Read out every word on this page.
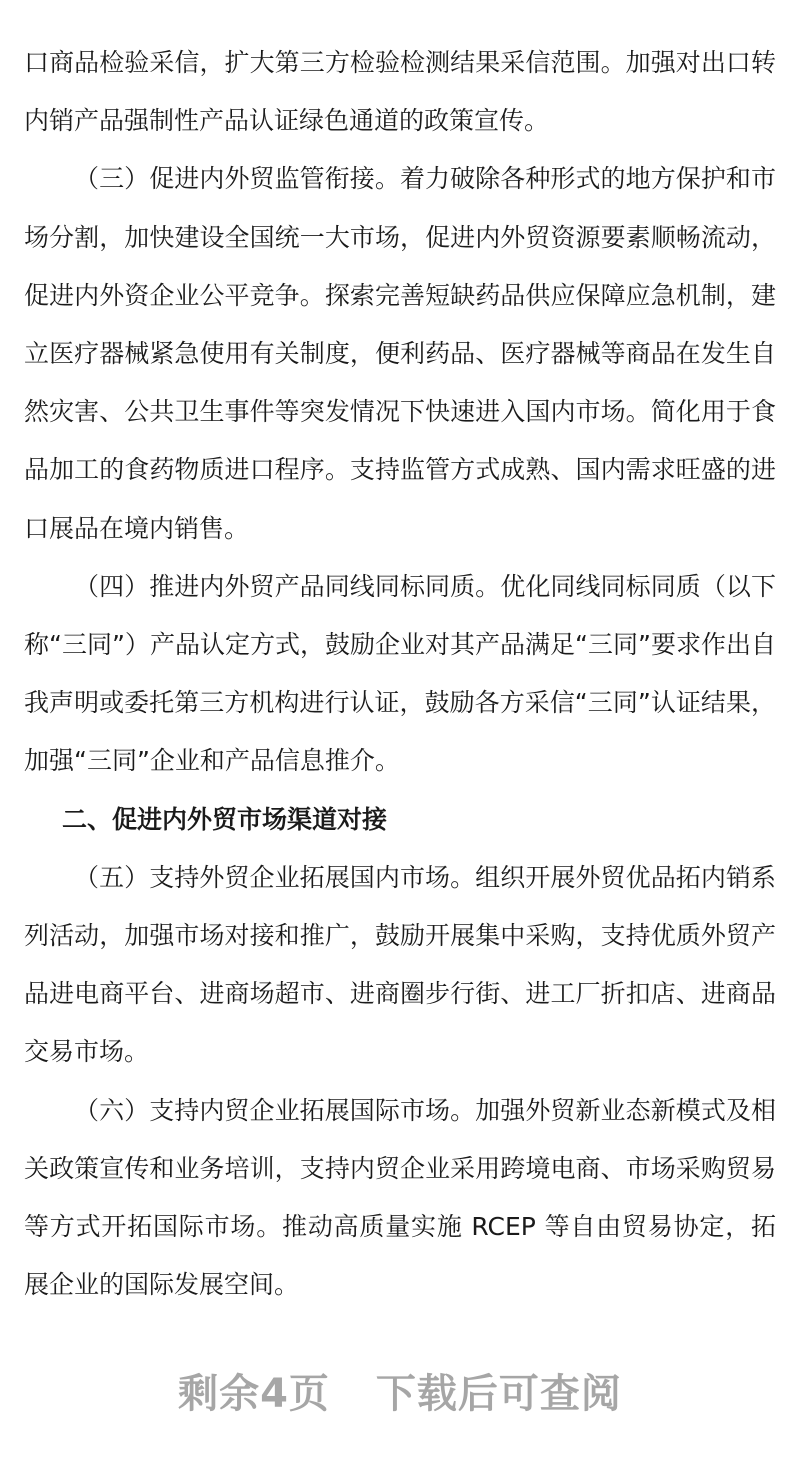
口商品检验采信，扩大第三方检验检测结果采信范围。加强对出口转内销产品强制性产品认证绿色通道的政策宣传。

（三）促进内外贸监管衔接。着力破除各种形式的地方保护和市场分割，加快建设全国统一大市场，促进内外贸资源要素顺畅流动，促进内外资企业公平竞争。探索完善短缺药品供应保障应急机制，建立医疗器械紧急使用有关制度，便利药品、医疗器械等商品在发生自然灾害、公共卫生事件等突发情况下快速进入国内市场。简化用于食品加工的食药物质进口程序。支持监管方式成熟、国内需求旺盛的进口展品在境内销售。

（四）推进内外贸产品同线同标同质。优化同线同标同质（以下称“三同”）产品认定方式，鼓励企业对其产品满足“三同”要求作出自我声明或委托第三方机构进行认证，鼓励各方采信“三同”认证结果，加强“三同”企业和产品信息推介。

二、促进内外贸市场渠道对接

（五）支持外贸企业拓展国内市场。组织开展外贸优品拓内销系列活动，加强市场对接和推广，鼓励开展集中采购，支持优质外贸产品进电商平台、进商场超市、进商圈步行街、进工厂折扣店、进商品交易市场。

（六）支持内贸企业拓展国际市场。加强外贸新业态新模式及相关政策宣传和业务培训，支持内贸企业采用跨境电商、市场采购贸易等方式开拓国际市场。推动高质量实施 RCEP 等自由贸易协定，拓展企业的国际发展空间。

剩余4页 下载后可查阅
